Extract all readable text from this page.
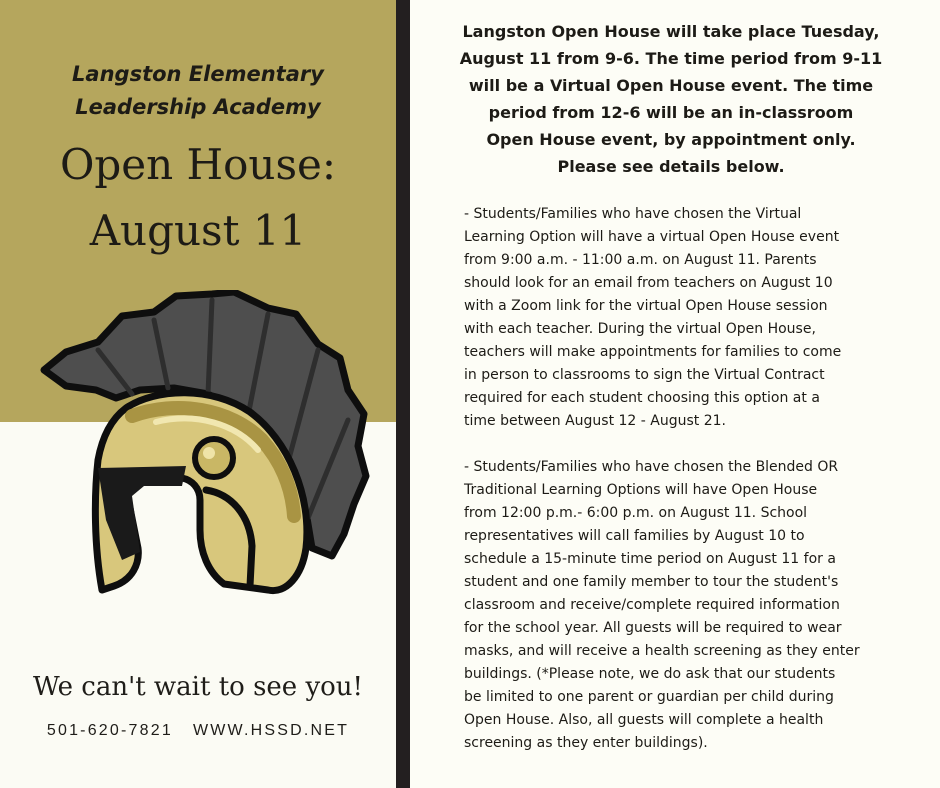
Langston Elementary
Leadership Academy
Open House:
August 11
We can't wait to see you!
501-620-7821 WWW.HSSD.NET
Langston Open House will take place Tuesday,
August 11 from 9-6. The time period from 9-11
will be a Virtual Open House event. The time
period from 12-6 will be an in-classroom
Open House event, by appointment only.
Please see details below.
- Students/Families who have chosen the Virtual
Learning Option will have a virtual Open House event
from 9:00 a.m. - 11:00 a.m. on August 11. Parents
should look for an email from teachers on August 10
with a Zoom link for the virtual Open House session
with each teacher. During the virtual Open House,
teachers will make appointments for families to come
in person to classrooms to sign the Virtual Contract
required for each student choosing this option at a
time between August 12 - August 21.
- Students/Families who have chosen the Blended OR
Traditional Learning Options will have Open House
from 12:00 p.m.- 6:00 p.m. on August 11. School
representatives will call families by August 10 to
schedule a 15-minute time period on August 11 for a
student and one family member to tour the student's
classroom and receive/complete required information
for the school year. All guests will be required to wear
masks, and will receive a health screening as they enter
buildings. (*Please note, we do ask that our students
be limited to one parent or guardian per child during
Open House. Also, all guests will complete a health
screening as they enter buildings).
